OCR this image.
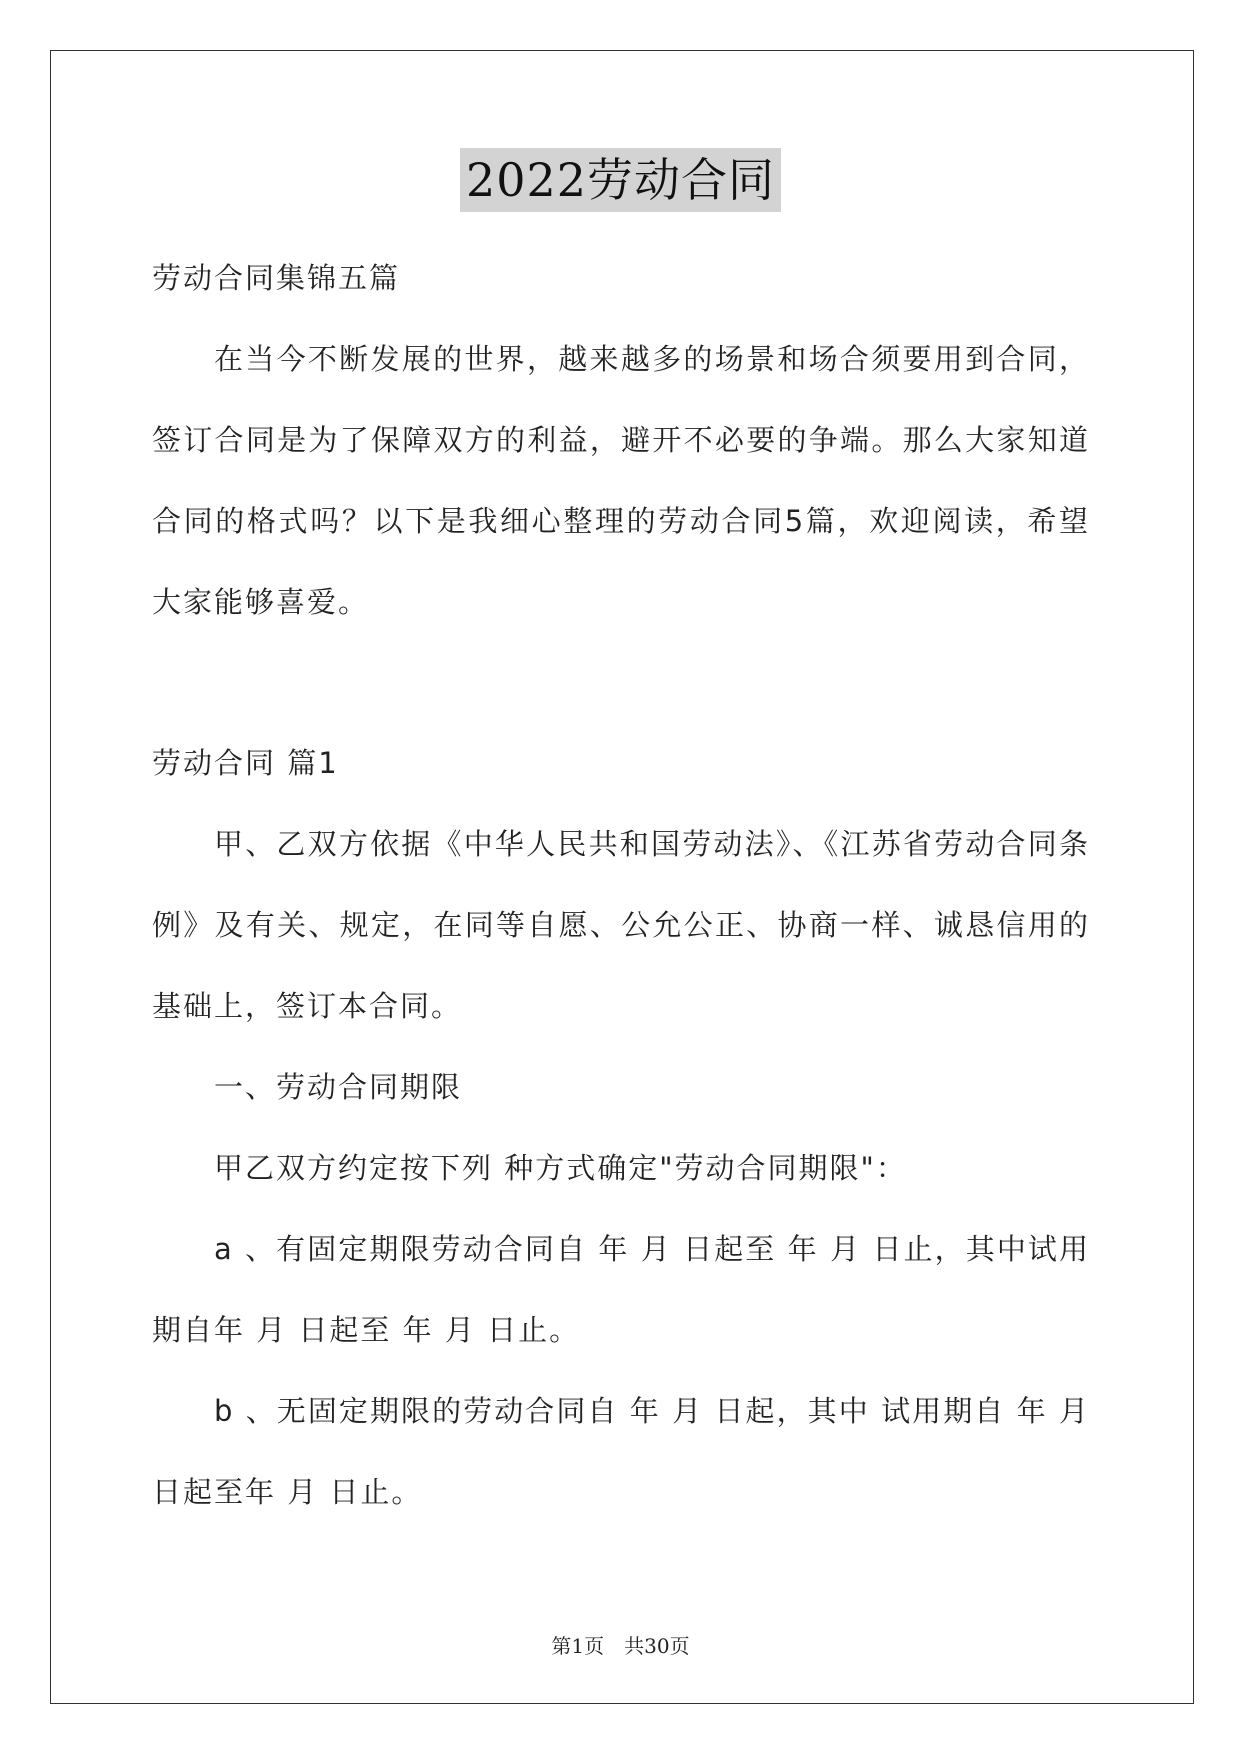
2022劳动合同

劳动合同集锦五篇

在当今不断发展的世界，越来越多的场景和场合须要用到合同，签订合同是为了保障双方的利益，避开不必要的争端。那么大家知道合同的格式吗？以下是我细心整理的劳动合同5篇，欢迎阅读，希望大家能够喜爱。

劳动合同 篇1

甲、乙双方依据《中华人民共和国劳动法》、《江苏省劳动合同条例》及有关、规定，在同等自愿、公允公正、协商一样、诚恳信用的基础上，签订本合同。

一、劳动合同期限

甲乙双方约定按下列 种方式确定"劳动合同期限"：

a 、有固定期限劳动合同自 年 月 日起至 年 月 日止，其中试用期自年 月 日起至 年 月 日止。

b 、无固定期限的劳动合同自 年 月 日起，其中 试用期自 年 月 日起至年 月 日止。

第1页　共30页
